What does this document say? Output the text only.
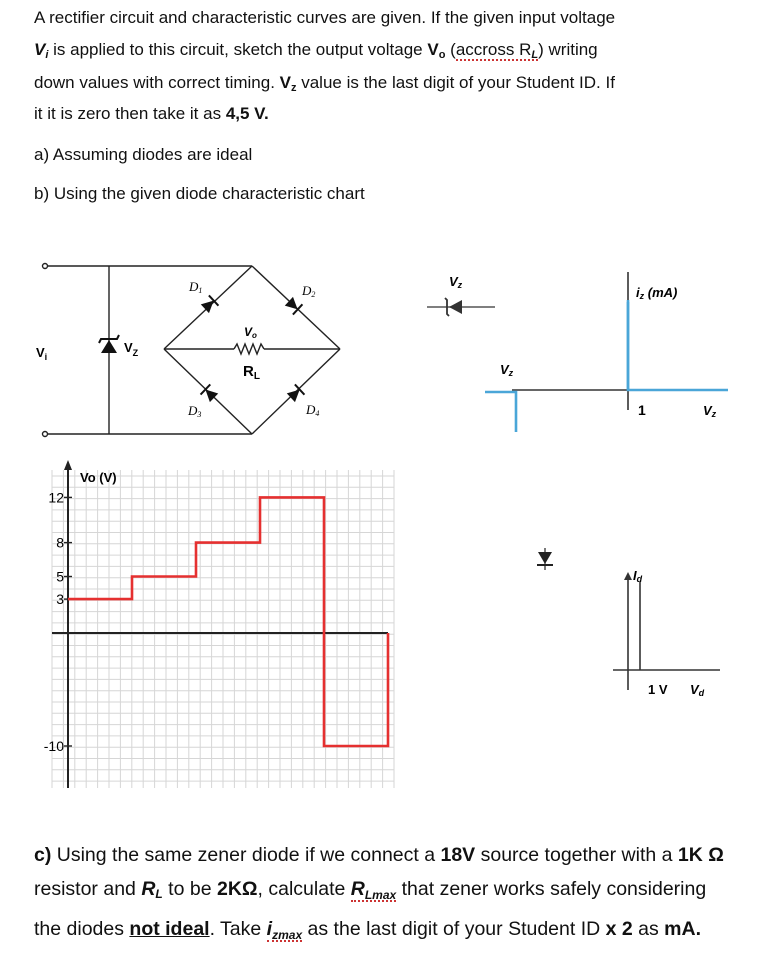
A rectifier circuit and characteristic curves are given. If the given input voltage
$V_i$ is applied to this circuit, sketch the output voltage $V_o$ (accross $R_L$) writing
down values with correct timing. $V_z$ value is the last digit of your Student ID. If
it it is zero then take it as 4,5 V.
a) Assuming diodes are ideal
b) Using the given diode characteristic chart
$V_i$
$V_Z$
D1	D2
D3	D4
Vo
$R_L$
Vz	iz (mA)
Vz
1	Vz
Id
1 V Vd
Vo (V)
12
8
5
3
-10
c) Using the same zener diode if we connect a 18V source together with a 1K Ω resistor and RL to be 2KΩ, calculate $R_{Lmax}$ that zener works safely considering the diodes not ideal. Take $i_{zmax}$ as the last digit of your Student ID x 2 as mA.
